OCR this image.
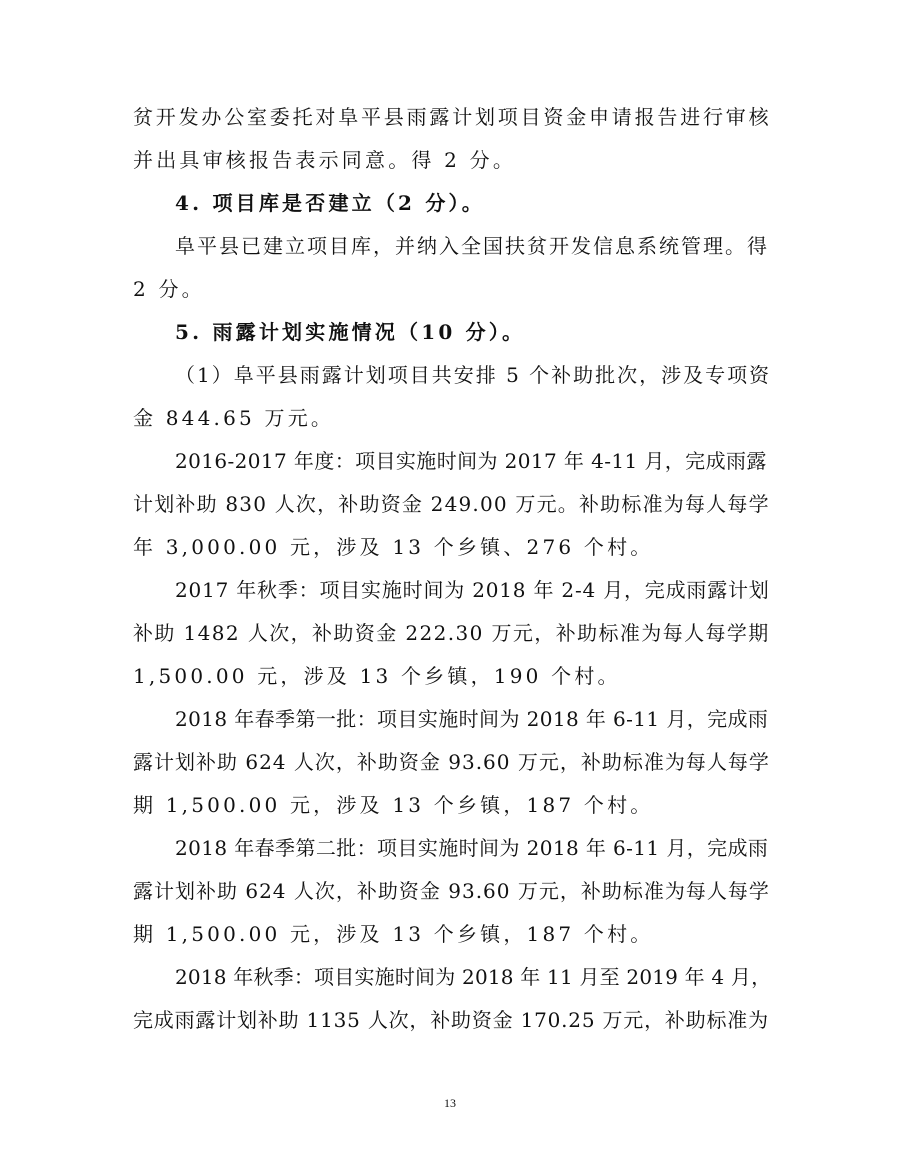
贫开发办公室委托对阜平县雨露计划项目资金申请报告进行审核
并出具审核报告表示同意。得 2 分。
4. 项目库是否建立（2 分）。
阜平县已建立项目库，并纳入全国扶贫开发信息系统管理。得
2 分。
5. 雨露计划实施情况（10 分）。
（1）阜平县雨露计划项目共安排 5 个补助批次，涉及专项资
金 844.65 万元。
2016-2017 年度：项目实施时间为 2017 年 4-11 月，完成雨露
计划补助 830 人次，补助资金 249.00 万元。补助标准为每人每学
年 3,000.00 元，涉及 13 个乡镇、276 个村。
2017 年秋季：项目实施时间为 2018 年 2-4 月，完成雨露计划
补助 1482 人次，补助资金 222.30 万元，补助标准为每人每学期
1,500.00 元，涉及 13 个乡镇，190 个村。
2018 年春季第一批：项目实施时间为 2018 年 6-11 月，完成雨
露计划补助 624 人次，补助资金 93.60 万元，补助标准为每人每学
期 1,500.00 元，涉及 13 个乡镇，187 个村。
2018 年春季第二批：项目实施时间为 2018 年 6-11 月，完成雨
露计划补助 624 人次，补助资金 93.60 万元，补助标准为每人每学
期 1,500.00 元，涉及 13 个乡镇，187 个村。
2018 年秋季：项目实施时间为 2018 年 11 月至 2019 年 4 月，
完成雨露计划补助 1135 人次，补助资金 170.25 万元，补助标准为
13
